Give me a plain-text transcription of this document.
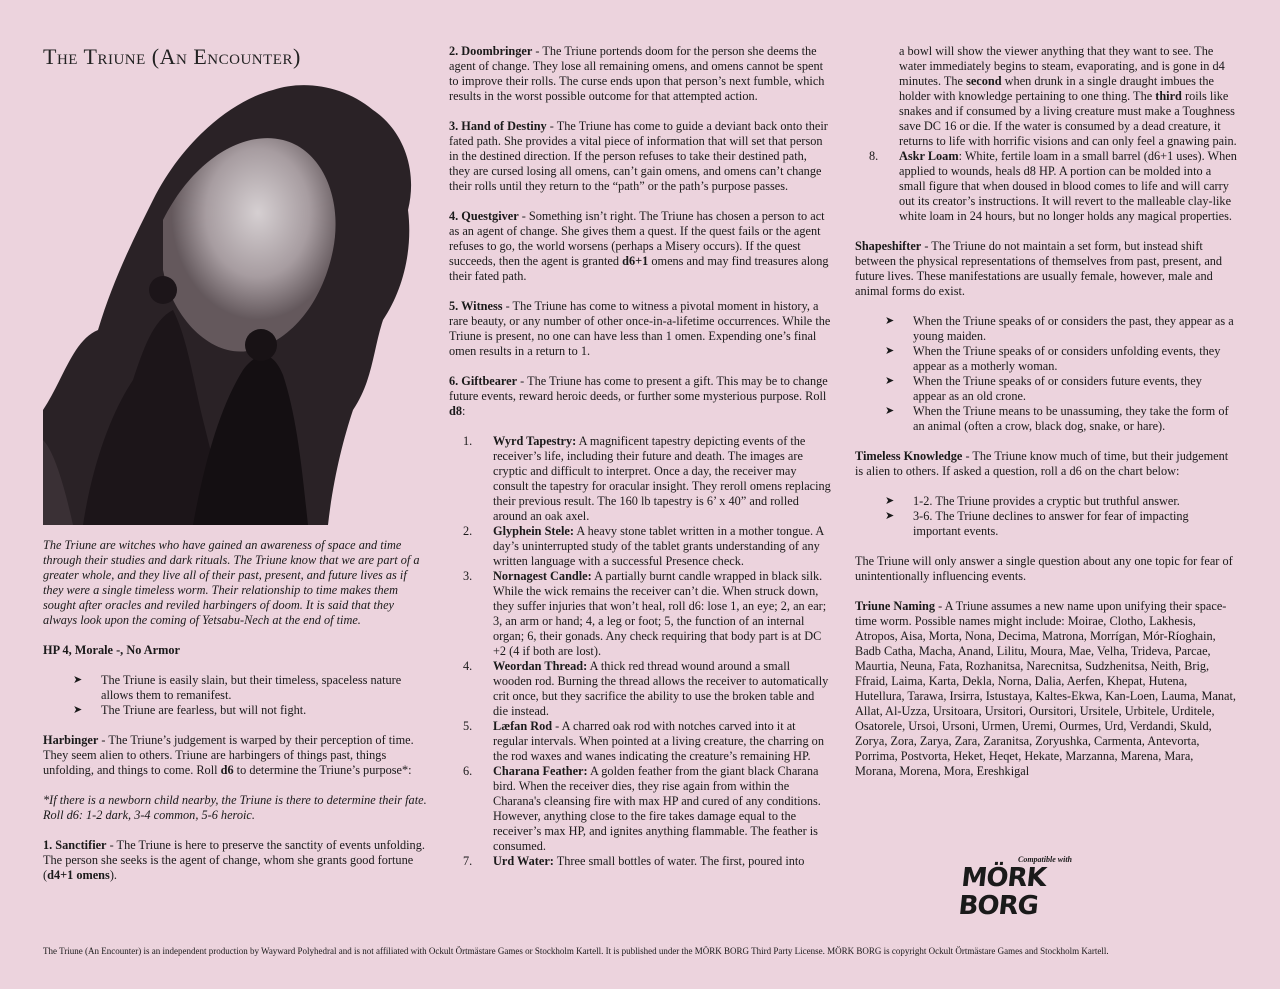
The Triune (An Encounter)

The Triune are witches who have gained an awareness of space and time through their studies and dark rituals. The Triune know that we are part of a greater whole, and they live all of their past, present, and future lives as if they were a single timeless worm. Their relationship to time makes them sought after oracles and reviled harbingers of doom. It is said that they always look upon the coming of Yetsabu-Nech at the end of time.

HP 4, Morale -, No Armor

➤ The Triune is easily slain, but their timeless, spaceless nature allows them to remanifest.
➤ The Triune are fearless, but will not fight.

Harbinger - The Triune’s judgement is warped by their perception of time. They seem alien to others. Triune are harbingers of things past, things unfolding, and things to come. Roll d6 to determine the Triune’s purpose*:

*If there is a newborn child nearby, the Triune is there to determine their fate. Roll d6: 1-2 dark, 3-4 common, 5-6 heroic.

1. Sanctifier - The Triune is here to preserve the sanctity of events unfolding. The person she seeks is the agent of change, whom she grants good fortune (d4+1 omens).

2. Doombringer - The Triune portends doom for the person she deems the agent of change. They lose all remaining omens, and omens cannot be spent to improve their rolls. The curse ends upon that person’s next fumble, which results in the worst possible outcome for that attempted action.

3. Hand of Destiny - The Triune has come to guide a deviant back onto their fated path. She provides a vital piece of information that will set that person in the destined direction. If the person refuses to take their destined path, they are cursed losing all omens, can’t gain omens, and omens can’t change their rolls until they return to the “path” or the path’s purpose passes.

4. Questgiver - Something isn’t right. The Triune has chosen a person to act as an agent of change. She gives them a quest. If the quest fails or the agent refuses to go, the world worsens (perhaps a Misery occurs). If the quest succeeds, then the agent is granted d6+1 omens and may find treasures along their fated path.

5. Witness - The Triune has come to witness a pivotal moment in history, a rare beauty, or any number of other once-in-a-lifetime occurrences. While the Triune is present, no one can have less than 1 omen. Expending one’s final omen results in a return to 1.

6. Giftbearer - The Triune has come to present a gift. This may be to change future events, reward heroic deeds, or further some mysterious purpose. Roll d8:

1. Wyrd Tapestry: A magnificent tapestry depicting events of the receiver’s life, including their future and death. The images are cryptic and difficult to interpret. Once a day, the receiver may consult the tapestry for oracular insight. They reroll omens replacing their previous result. The 160 lb tapestry is 6’ x 40” and rolled around an oak axel.
2. Glyphein Stele: A heavy stone tablet written in a mother tongue. A day’s uninterrupted study of the tablet grants understanding of any written language with a successful Presence check.
3. Nornagest Candle: A partially burnt candle wrapped in black silk. While the wick remains the receiver can’t die. When struck down, they suffer injuries that won’t heal, roll d6: lose 1, an eye; 2, an ear; 3, an arm or hand; 4, a leg or foot; 5, the function of an internal organ; 6, their gonads. Any check requiring that body part is at DC +2 (4 if both are lost).
4. Weordan Thread: A thick red thread wound around a small wooden rod. Burning the thread allows the receiver to automatically crit once, but they sacrifice the ability to use the broken table and die instead.
5. Læfan Rod - A charred oak rod with notches carved into it at regular intervals. When pointed at a living creature, the charring on the rod waxes and wanes indicating the creature’s remaining HP.
6. Charana Feather: A golden feather from the giant black Charana bird. When the receiver dies, they rise again from within the Charana's cleansing fire with max HP and cured of any conditions. However, anything close to the fire takes damage equal to the receiver’s max HP, and ignites anything flammable. The feather is consumed.
7. Urd Water: Three small bottles of water. The first, poured into
a bowl will show the viewer anything that they want to see. The water immediately begins to steam, evaporating, and is gone in d4 minutes. The second when drunk in a single draught imbues the holder with knowledge pertaining to one thing. The third roils like snakes and if consumed by a living creature must make a Toughness save DC 16 or die. If the water is consumed by a dead creature, it returns to life with horrific visions and can only feel a gnawing pain.
8. Askr Loam: White, fertile loam in a small barrel (d6+1 uses). When applied to wounds, heals d8 HP. A portion can be molded into a small figure that when doused in blood comes to life and will carry out its creator’s instructions. It will revert to the malleable clay-like white loam in 24 hours, but no longer holds any magical properties.

Shapeshifter - The Triune do not maintain a set form, but instead shift between the physical representations of themselves from past, present, and future lives. These manifestations are usually female, however, male and animal forms do exist.

➤ When the Triune speaks of or considers the past, they appear as a young maiden.
➤ When the Triune speaks of or considers unfolding events, they appear as a motherly woman.
➤ When the Triune speaks of or considers future events, they appear as an old crone.
➤ When the Triune means to be unassuming, they take the form of an animal (often a crow, black dog, snake, or hare).

Timeless Knowledge - The Triune know much of time, but their judgement is alien to others. If asked a question, roll a d6 on the chart below:

➤ 1-2. The Triune provides a cryptic but truthful answer.
➤ 3-6. The Triune declines to answer for fear of impacting important events.

The Triune will only answer a single question about any one topic for fear of unintentionally influencing events.

Triune Naming - A Triune assumes a new name upon unifying their space-time worm. Possible names might include: Moirae, Clotho, Lakhesis, Atropos, Aisa, Morta, Nona, Decima, Matrona, Morrígan, Mór-Ríoghain, Badb Catha, Macha, Anand, Lilitu, Moura, Mae, Velha, Trideva, Parcae, Maurtia, Neuna, Fata, Rozhanitsa, Narecnitsa, Sudzhenitsa, Neith, Brig, Ffraid, Laima, Karta, Dekla, Norna, Dalia, Aerfen, Khepat, Hutena, Hutellura, Tarawa, Irsirra, Istustaya, Kaltes-Ekwa, Kan-Loen, Lauma, Manat, Allat, Al-Uzza, Ursitoara, Ursitori, Oursitori, Ursitele, Urbitele, Urditele, Osatorele, Ursoi, Ursoni, Urmen, Uremi, Ourmes, Urd, Verdandi, Skuld, Zorya, Zora, Zarya, Zara, Zaranitsa, Zoryushka, Carmenta, Antevorta, Porrima, Postvorta, Heket, Heqet, Hekate, Marzanna, Marena, Mara, Morana, Morena, Mora, Ereshkigal

Compatible with
MÖRK BORG
The Triune (An Encounter) is an independent production by Wayward Polyhedral and is not affiliated with Ockult Örtmästare Games or Stockholm Kartell. It is published under the MÖRK BORG Third Party License. MÖRK BORG is copyright Ockult Örtmästare Games and Stockholm Kartell.
